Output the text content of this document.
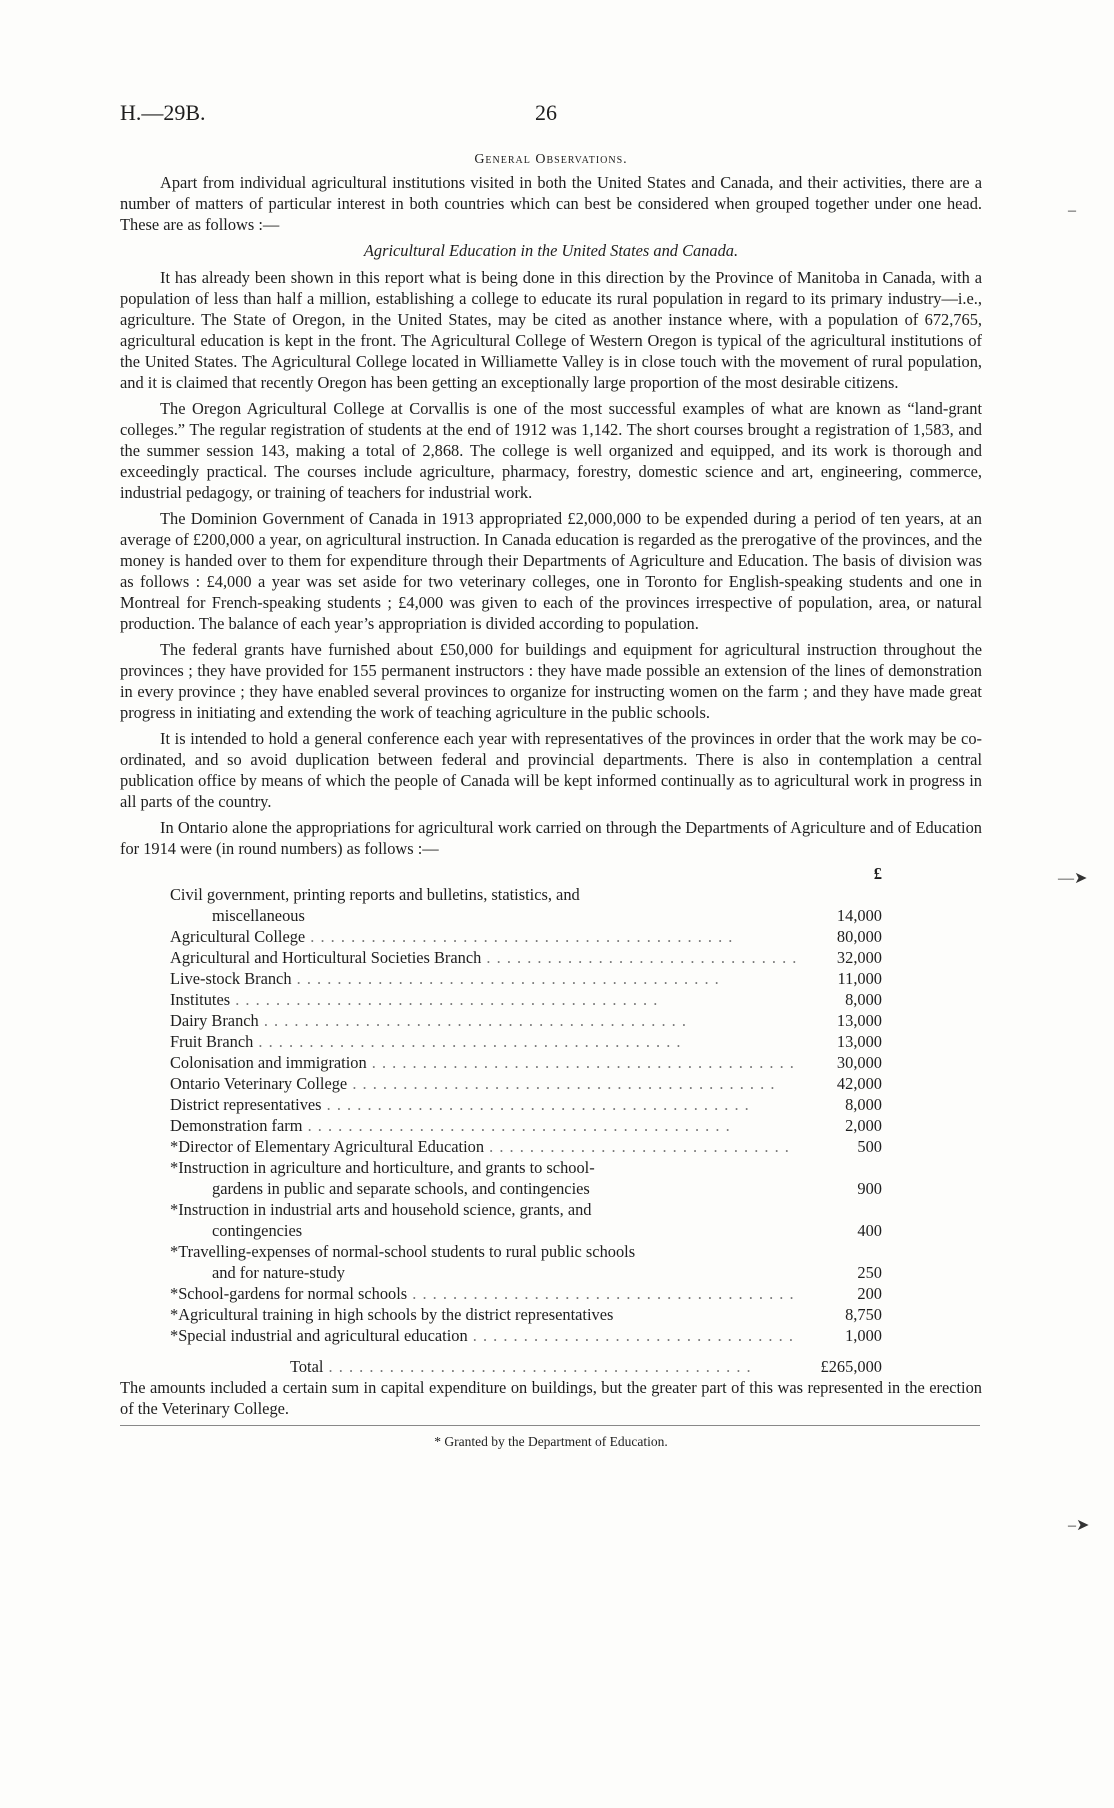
H.—29B.	26
General Observations.

Apart from individual agricultural institutions visited in both the United States and Canada, and their activities, there are a number of matters of particular interest in both countries which can best be considered when grouped together under one head. These are as follows :—

Agricultural Education in the United States and Canada.

It has already been shown in this report what is being done in this direction by the Province of Manitoba in Canada, with a population of less than half a million, establishing a college to educate its rural population in regard to its primary industry—i.e., agriculture. The State of Oregon, in the United States, may be cited as another instance where, with a population of 672,765, agricultural education is kept in the front. The Agricultural College of Western Oregon is typical of the agricultural institutions of the United States. The Agricultural College located in Williamette Valley is in close touch with the movement of rural population, and it is claimed that recently Oregon has been getting an exceptionally large proportion of the most desirable citizens.

The Oregon Agricultural College at Corvallis is one of the most successful examples of what are known as “land-grant colleges.” The regular registration of students at the end of 1912 was 1,142. The short courses brought a registration of 1,583, and the summer session 143, making a total of 2,868. The college is well organized and equipped, and its work is thorough and exceedingly practical. The courses include agriculture, pharmacy, forestry, domestic science and art, engineering, commerce, industrial pedagogy, or training of teachers for industrial work.

The Dominion Government of Canada in 1913 appropriated £2,000,000 to be expended during a period of ten years, at an average of £200,000 a year, on agricultural instruction. In Canada education is regarded as the prerogative of the provinces, and the money is handed over to them for expenditure through their Departments of Agriculture and Education. The basis of division was as follows : £4,000 a year was set aside for two veterinary colleges, one in Toronto for English-speaking students and one in Montreal for French-speaking students ; £4,000 was given to each of the provinces irrespective of population, area, or natural production. The balance of each year’s appropriation is divided according to population.

The federal grants have furnished about £50,000 for buildings and equipment for agricultural instruction throughout the provinces ; they have provided for 155 permanent instructors : they have made possible an extension of the lines of demonstration in every province ; they have enabled several provinces to organize for instructing women on the farm ; and they have made great progress in initiating and extending the work of teaching agriculture in the public schools.

It is intended to hold a general conference each year with representatives of the provinces in order that the work may be co-ordinated, and so avoid duplication between federal and provincial departments. There is also in contemplation a central publication office by means of which the people of Canada will be kept informed continually as to agricultural work in progress in all parts of the country.

In Ontario alone the appropriations for agricultural work carried on through the Departments of Agriculture and of Education for 1914 were (in round numbers) as follows :—

£
Civil government, printing reports and bulletins, statistics, and
miscellaneous	14,000
Agricultural College . . .	80,000
Agricultural and Horticultural Societies Branch . . .	32,000
Live-stock Branch . . .	11,000
Institutes . . .	8,000
Dairy Branch . . .	13,000
Fruit Branch . . .	13,000
Colonisation and immigration . . .	30,000
Ontario Veterinary College . . .	42,000
District representatives . . .	8,000
Demonstration farm . . .	2,000
*Director of Elementary Agricultural Education . . .	500
*Instruction in agriculture and horticulture, and grants to school-
gardens in public and separate schools, and contingencies	900
*Instruction in industrial arts and household science, grants, and
contingencies	400
*Travelling-expenses of normal-school students to rural public schools
and for nature-study	250
*School-gardens for normal schools . . .	200
*Agricultural training in high schools by the district representatives	8,750
*Special industrial and agricultural education . . .	1,000
Total . . .	£265,000

The amounts included a certain sum in capital expenditure on buildings, but the greater part of this was represented in the erection of the Veterinary College.

* Granted by the Department of Education.
–
—➤
–➤
